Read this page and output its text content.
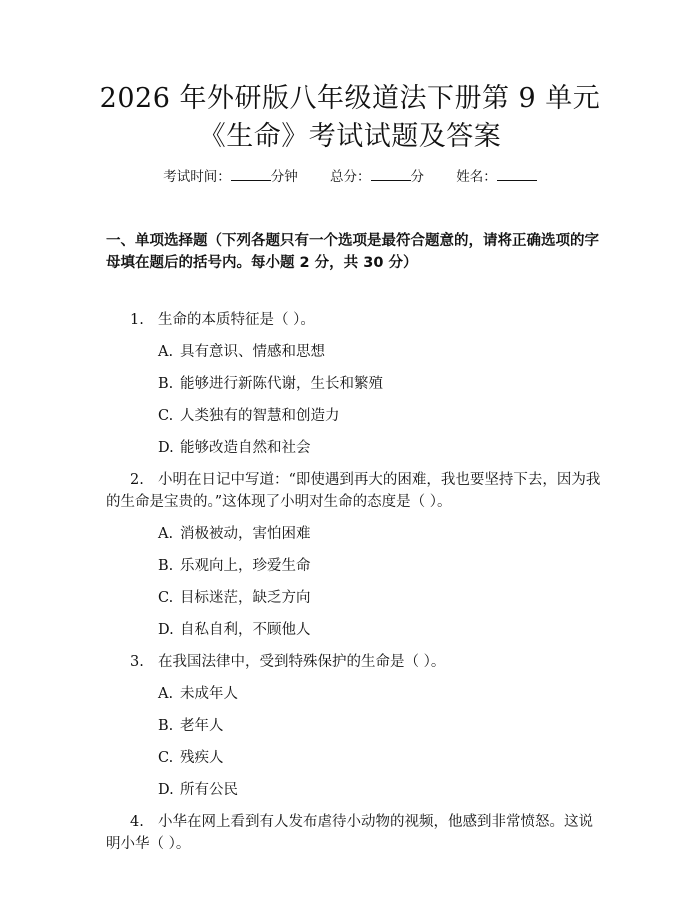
2026 年外研版八年级道法下册第 9 单元《生命》考试试题及答案
考试时间：	分钟 总分：	分 姓名：

一、单项选择题（下列各题只有一个选项是最符合题意的，请将正确选项的字母填在题后的括号内。每小题 2 分，共 30 分）

1. 生命的本质特征是（ ）。

A. 具有意识、情感和思想

B. 能够进行新陈代谢，生长和繁殖

C. 人类独有的智慧和创造力

D. 能够改造自然和社会

2. 小明在日记中写道：“即使遇到再大的困难，我也要坚持下去，因为我的生命是宝贵的。”这体现了小明对生命的态度是（ ）。

A. 消极被动，害怕困难

B. 乐观向上，珍爱生命

C. 目标迷茫，缺乏方向

D. 自私自利，不顾他人

3. 在我国法律中，受到特殊保护的生命是（ ）。

A. 未成年人

B. 老年人

C. 残疾人

D. 所有公民

4. 小华在网上看到有人发布虐待小动物的视频，他感到非常愤怒。这说明小华（ ）。
